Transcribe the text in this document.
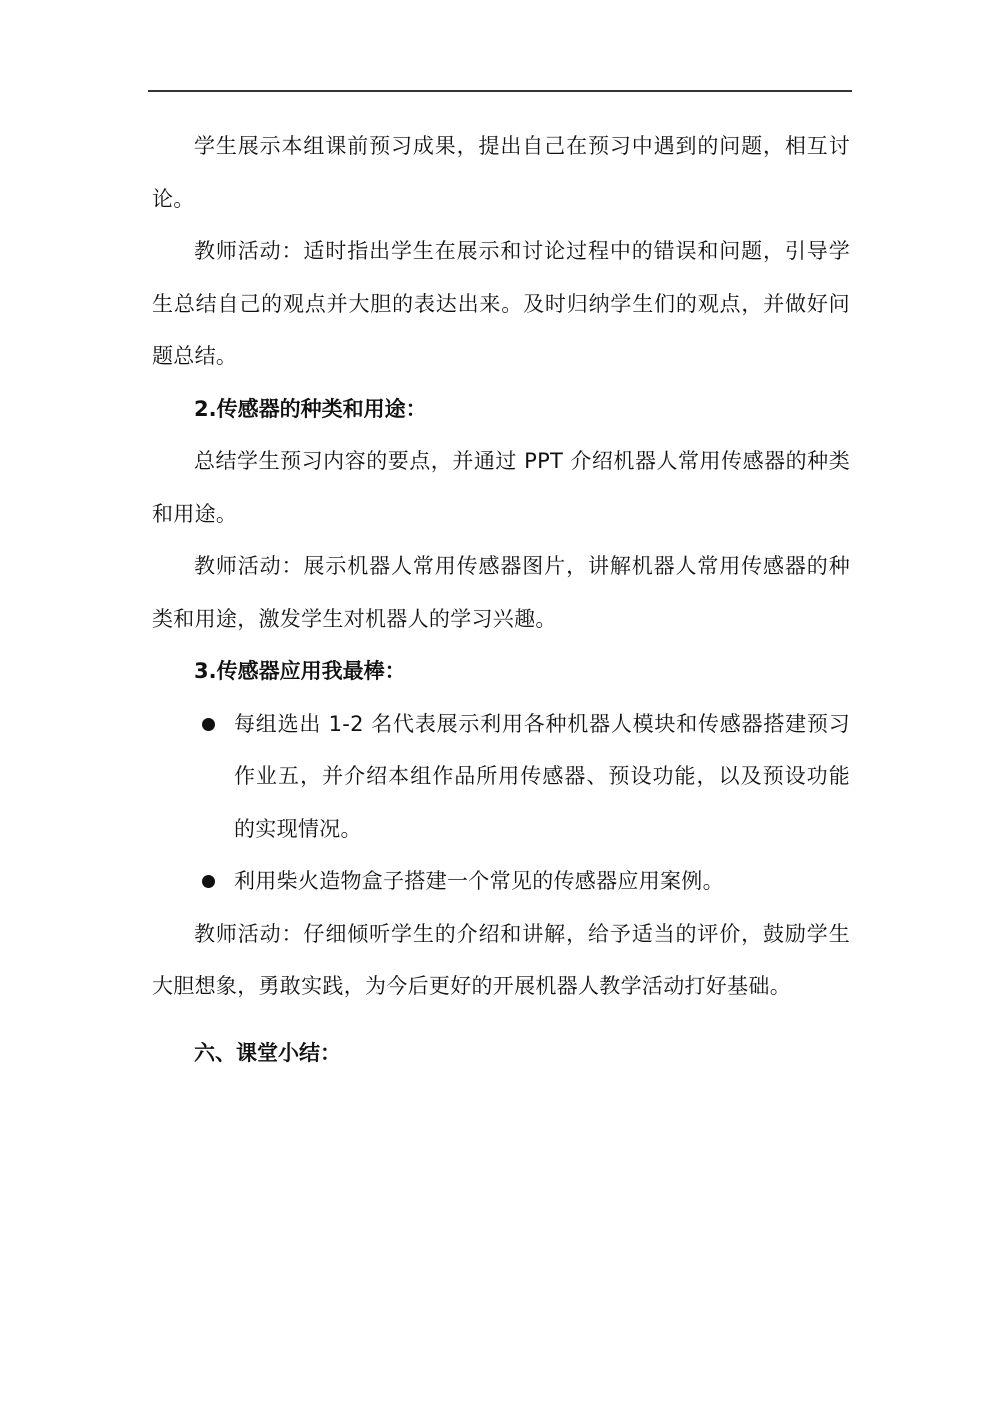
学生展示本组课前预习成果，提出自己在预习中遇到的问题，相互讨论。

教师活动：适时指出学生在展示和讨论过程中的错误和问题，引导学生总结自己的观点并大胆的表达出来。及时归纳学生们的观点，并做好问题总结。

2.传感器的种类和用途：

总结学生预习内容的要点，并通过 PPT 介绍机器人常用传感器的种类和用途。

教师活动：展示机器人常用传感器图片，讲解机器人常用传感器的种类和用途，激发学生对机器人的学习兴趣。

3.传感器应用我最棒：

每组选出 1-2 名代表展示利用各种机器人模块和传感器搭建预习作业五，并介绍本组作品所用传感器、预设功能，以及预设功能的实现情况。

利用柴火造物盒子搭建一个常见的传感器应用案例。

教师活动：仔细倾听学生的介绍和讲解，给予适当的评价，鼓励学生大胆想象，勇敢实践，为今后更好的开展机器人教学活动打好基础。

六、课堂小结：
